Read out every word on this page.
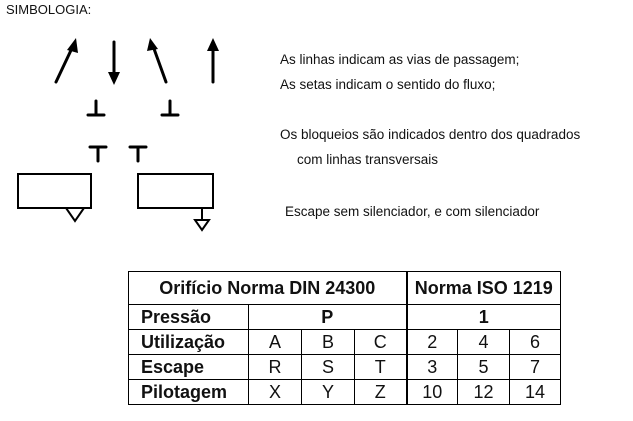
SIMBOLOGIA:
As linhas indicam as vias de passagem;
As setas indicam o sentido do fluxo;
Os bloqueios são indicados dentro dos quadrados
com linhas transversais
Escape sem silenciador, e com silenciador
Orifício Norma DIN 24300				Norma ISO 1219		
Pressão	P			1		
Utilização	A	B	C	2	4	6
Escape	R	S	T	3	5	7
Pilotagem	X	Y	Z	10	12	14
